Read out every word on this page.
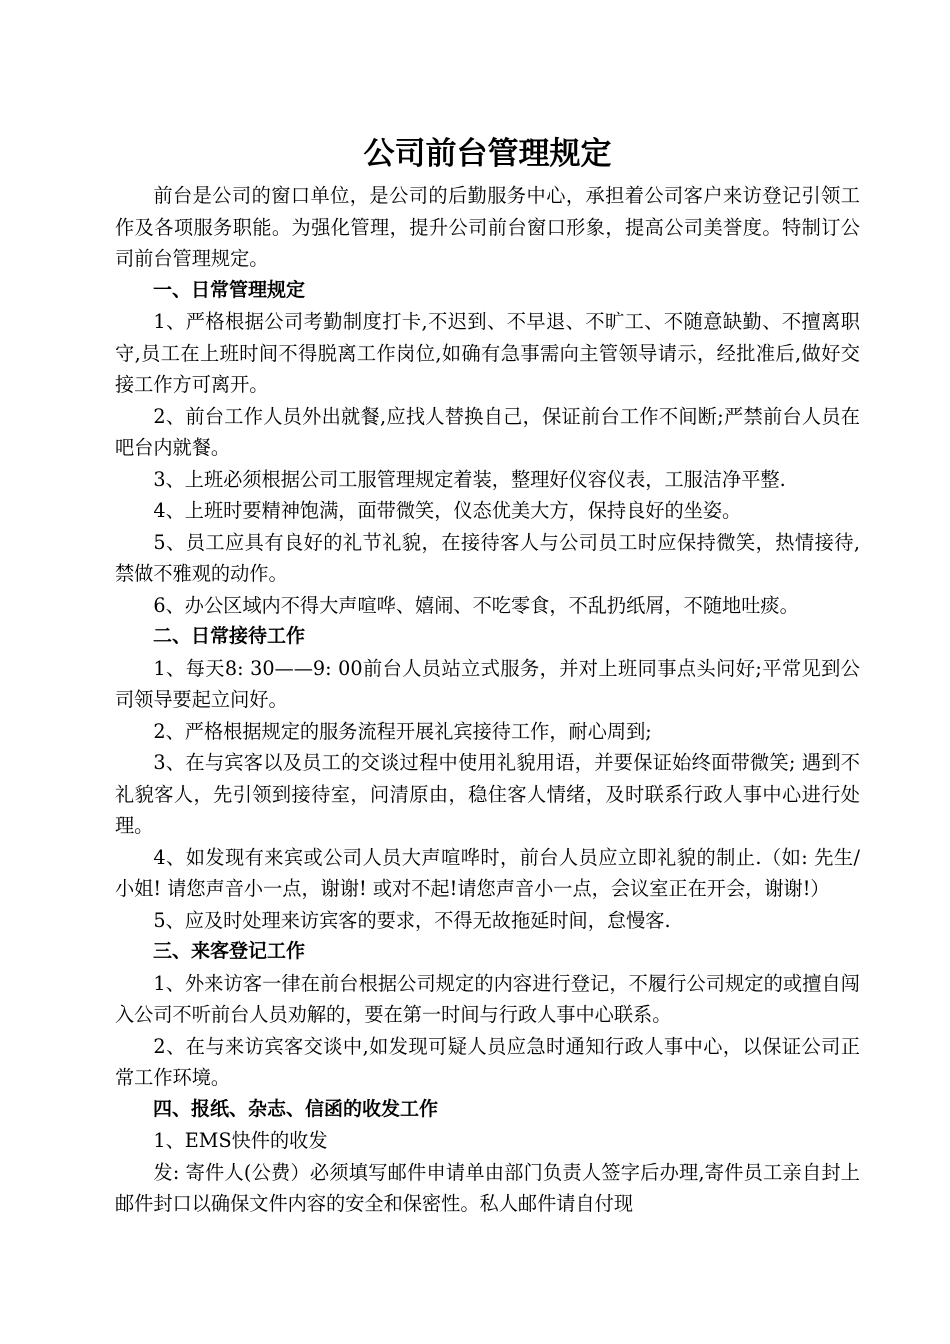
公司前台管理规定

前台是公司的窗口单位，是公司的后勤服务中心，承担着公司客户来访登记引领工作及各项服务职能。为强化管理，提升公司前台窗口形象，提高公司美誉度。特制订公司前台管理规定。

一、日常管理规定

1、严格根据公司考勤制度打卡,不迟到、不早退、不旷工、不随意缺勤、不擅离职守,员工在上班时间不得脱离工作岗位,如确有急事需向主管领导请示，经批准后,做好交接工作方可离开。

2、前台工作人员外出就餐,应找人替换自己，保证前台工作不间断;严禁前台人员在吧台内就餐。

3、上班必须根据公司工服管理规定着装，整理好仪容仪表，工服洁净平整.

4、上班时要精神饱满，面带微笑，仪态优美大方，保持良好的坐姿。

5、员工应具有良好的礼节礼貌，在接待客人与公司员工时应保持微笑，热情接待,禁做不雅观的动作。

6、办公区域内不得大声喧哗、嬉闹、不吃零食，不乱扔纸屑，不随地吐痰。

二、日常接待工作

1、每天8: 30——9: 00前台人员站立式服务，并对上班同事点头问好;平常见到公司领导要起立问好。

2、严格根据规定的服务流程开展礼宾接待工作，耐心周到;

3、在与宾客以及员工的交谈过程中使用礼貌用语，并要保证始终面带微笑; 遇到不礼貌客人，先引领到接待室，问清原由，稳住客人情绪，及时联系行政人事中心进行处理。

4、如发现有来宾或公司人员大声喧哗时，前台人员应立即礼貌的制止.（如: 先生/小姐! 请您声音小一点，谢谢! 或对不起!请您声音小一点，会议室正在开会，谢谢!）

5、应及时处理来访宾客的要求，不得无故拖延时间，怠慢客.

三、来客登记工作

1、外来访客一律在前台根据公司规定的内容进行登记，不履行公司规定的或擅自闯入公司不听前台人员劝解的，要在第一时间与行政人事中心联系。

2、在与来访宾客交谈中,如发现可疑人员应急时通知行政人事中心，以保证公司正常工作环境。

四、报纸、杂志、信函的收发工作

1、EMS快件的收发

发: 寄件人(公费）必须填写邮件申请单由部门负责人签字后办理,寄件员工亲自封上邮件封口以确保文件内容的安全和保密性。私人邮件请自付现
